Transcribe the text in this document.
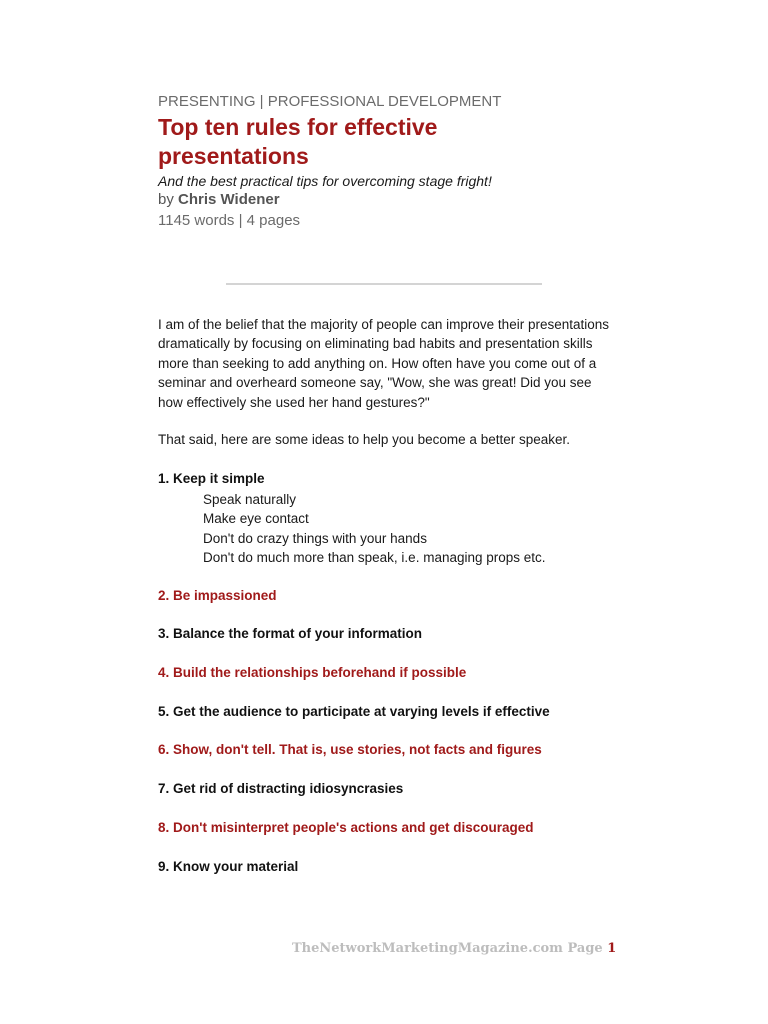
PRESENTING | PROFESSIONAL DEVELOPMENT
Top ten rules for effective presentations
And the best practical tips for overcoming stage fright!
by Chris Widener
1145 words | 4 pages
I am of the belief that the majority of people can improve their presentations dramatically by focusing on eliminating bad habits and presentation skills more than seeking to add anything on. How often have you come out of a seminar and overheard someone say, "Wow, she was great! Did you see how effectively she used her hand gestures?"
That said, here are some ideas to help you become a better speaker.
1. Keep it simple
Speak naturally
Make eye contact
Don't do crazy things with your hands
Don't do much more than speak, i.e. managing props etc.
2. Be impassioned
3. Balance the format of your information
4. Build the relationships beforehand if possible
5. Get the audience to participate at varying levels if effective
6. Show, don't tell. That is, use stories, not facts and figures
7. Get rid of distracting idiosyncrasies
8. Don't misinterpret people's actions and get discouraged
9. Know your material
TheNetworkMarketingMagazine.com Page 1
